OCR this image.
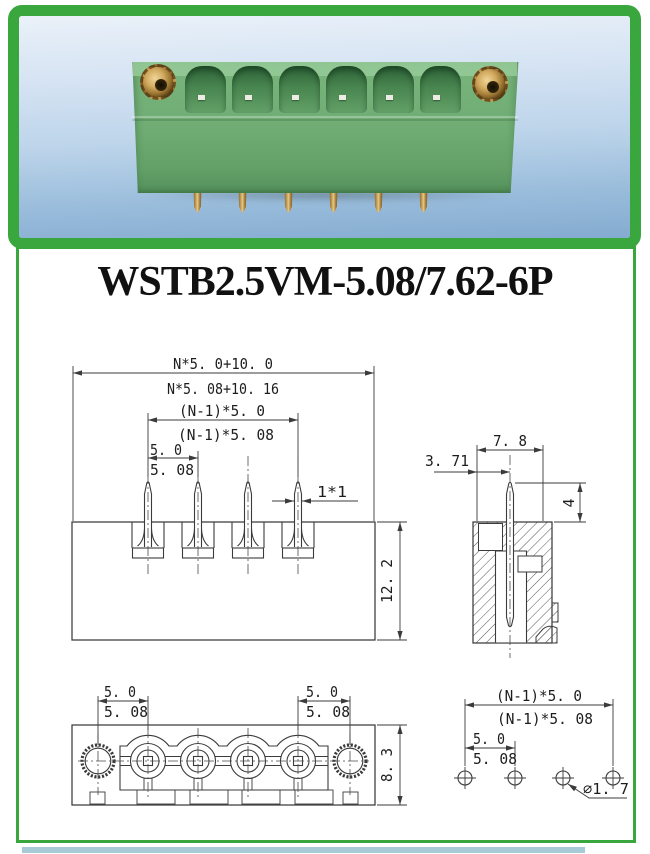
WSTB2.5VM-5.08/7.62-6P
N*5. 0+10. 0
N*5. 08+10. 16
(N-1)*5. 0
(N-1)*5. 08
5. 0
5. 08
1*1
12. 2
7. 8
3. 71
4
5. 0
5. 08
5. 0
5. 08
8. 3
(N-1)*5. 0
(N-1)*5. 08
5. 0
5. 08
∅1. 7
